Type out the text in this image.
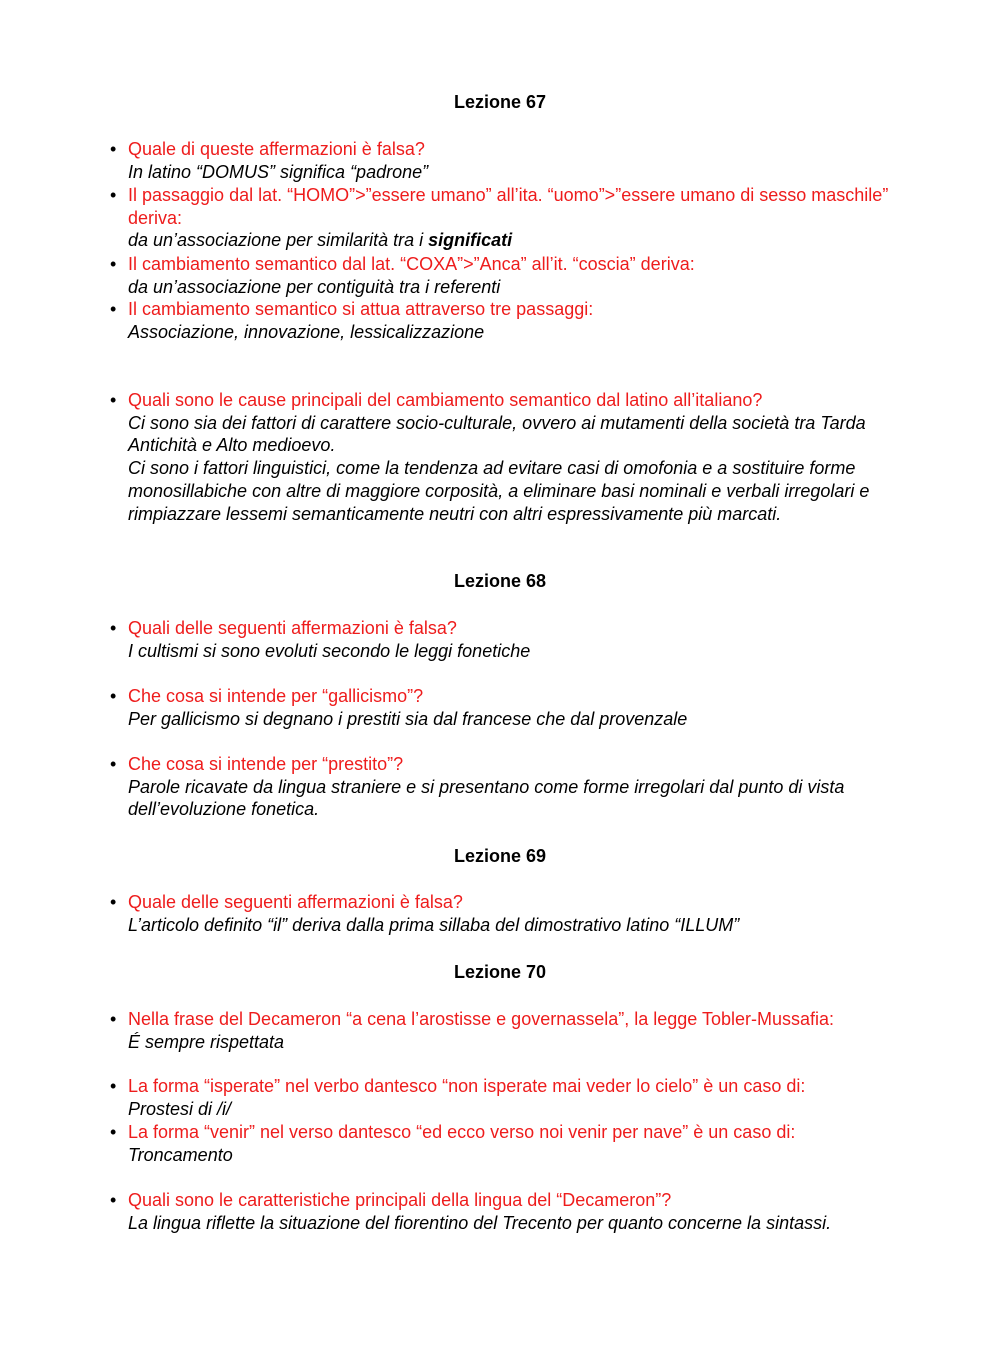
Lezione 67
• Quale di queste affermazioni è falsa?
In latino “DOMUS” significa “padrone”
• Il passaggio dal lat. “HOMO”>”essere umano” all’ita. “uomo”>”essere umano di sesso maschile” deriva:
da un’associazione per similarità tra i significati
• Il cambiamento semantico dal lat. “COXA”>”Anca” all’it. “coscia” deriva:
da un’associazione per contiguità tra i referenti
• Il cambiamento semantico si attua attraverso tre passaggi:
Associazione, innovazione, lessicalizzazione
• Quali sono le cause principali del cambiamento semantico dal latino all’italiano?
Ci sono sia dei fattori di carattere socio-culturale, ovvero ai mutamenti della società tra Tarda Antichità e Alto medioevo.
Ci sono i fattori linguistici, come la tendenza ad evitare casi di omofonia e a sostituire forme monosillabiche con altre di maggiore corposità, a eliminare basi nominali e verbali irregolari e rimpiazzare lessemi semanticamente neutri con altri espressivamente più marcati.
Lezione 68
• Quali delle seguenti affermazioni è falsa?
I cultismi si sono evoluti secondo le leggi fonetiche
• Che cosa si intende per “gallicismo”?
Per gallicismo si degnano i prestiti sia dal francese che dal provenzale
• Che cosa si intende per “prestito”?
Parole ricavate da lingua straniere e si presentano come forme irregolari dal punto di vista dell’evoluzione fonetica.
Lezione 69
• Quale delle seguenti affermazioni è falsa?
L’articolo definito “il” deriva dalla prima sillaba del dimostrativo latino “ILLUM”
Lezione 70
• Nella frase del Decameron “a cena l’arostisse e governassela”, la legge Tobler-Mussafia:
É sempre rispettata
• La forma “isperate” nel verbo dantesco “non isperate mai veder lo cielo” è un caso di:
Prostesi di /i/
• La forma “venir” nel verso dantesco “ed ecco verso noi venir per nave” è un caso di:
Troncamento
• Quali sono le caratteristiche principali della lingua del “Decameron”?
La lingua riflette la situazione del fiorentino del Trecento per quanto concerne la sintassi.
